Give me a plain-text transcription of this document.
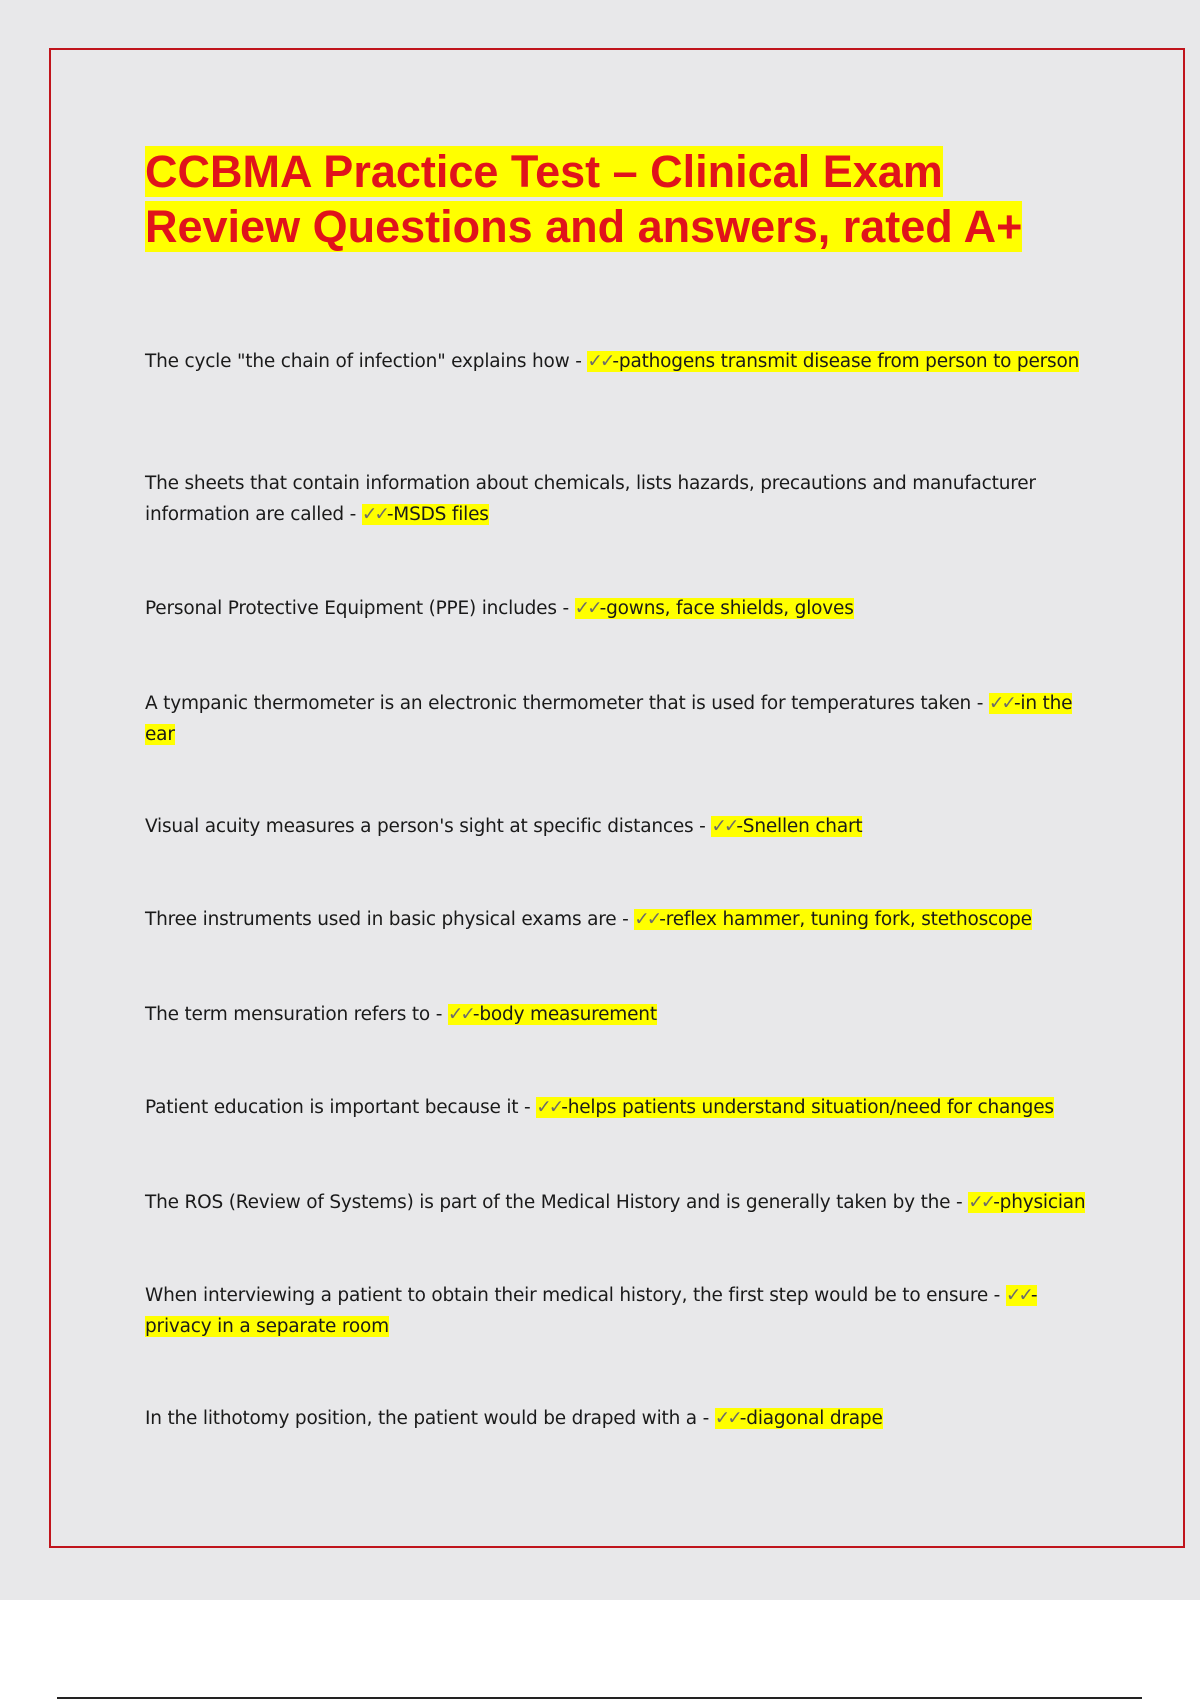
CCBMA Practice Test – Clinical Exam
Review Questions and answers, rated A+
The cycle "the chain of infection" explains how - ✓✓-pathogens transmit disease from person to person
The sheets that contain information about chemicals, lists hazards, precautions and manufacturer information are called - ✓✓-MSDS files
Personal Protective Equipment (PPE) includes - ✓✓-gowns, face shields, gloves
A tympanic thermometer is an electronic thermometer that is used for temperatures taken - ✓✓-in the ear
Visual acuity measures a person's sight at specific distances - ✓✓-Snellen chart
Three instruments used in basic physical exams are - ✓✓-reflex hammer, tuning fork, stethoscope
The term mensuration refers to - ✓✓-body measurement
Patient education is important because it - ✓✓-helps patients understand situation/need for changes
The ROS (Review of Systems) is part of the Medical History and is generally taken by the - ✓✓-physician
When interviewing a patient to obtain their medical history, the first step would be to ensure - ✓✓-privacy in a separate room
In the lithotomy position, the patient would be draped with a - ✓✓-diagonal drape
